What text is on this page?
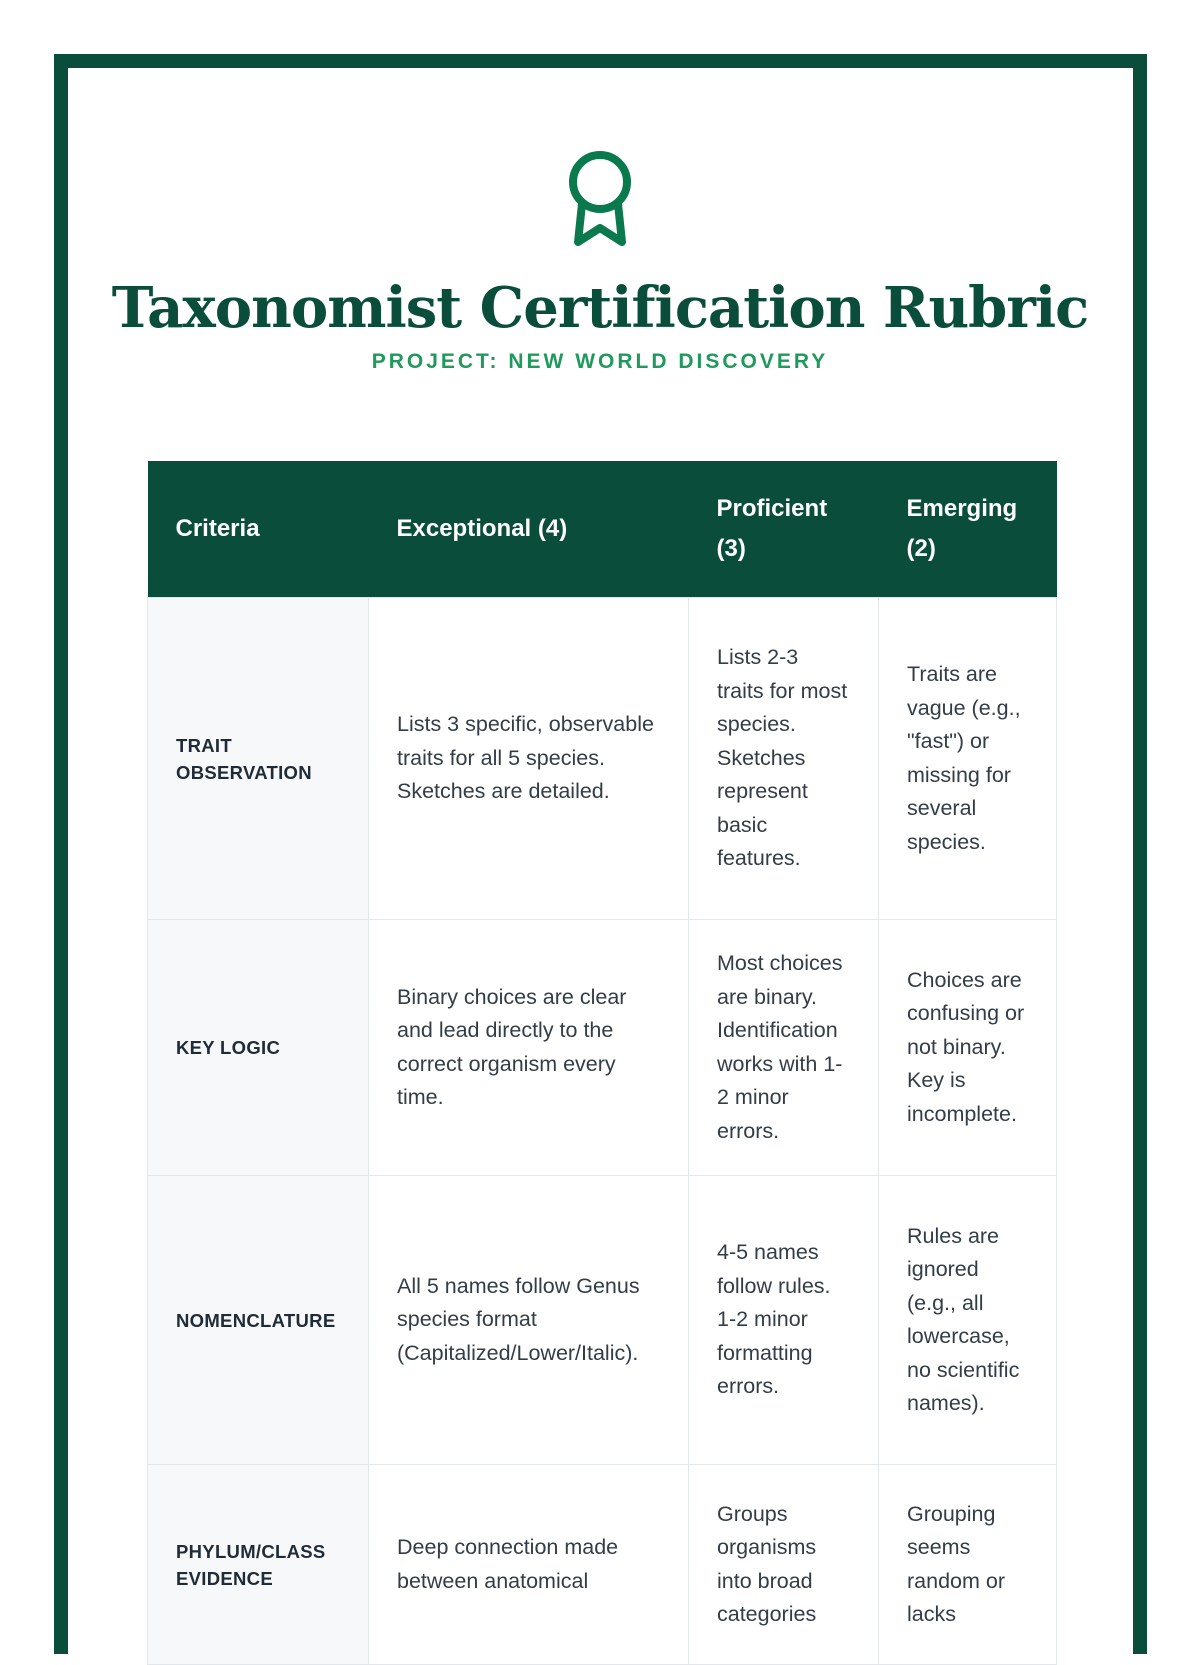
Taxonomist Certification Rubric

PROJECT: NEW WORLD DISCOVERY

Criteria	Exceptional (4)	Proficient (3)	Emerging (2)
TRAIT OBSERVATION	Lists 3 specific, observable traits for all 5 species. Sketches are detailed.	Lists 2-3 traits for most species. Sketches represent basic features.	Traits are vague (e.g., "fast") or missing for several species.
KEY LOGIC	Binary choices are clear and lead directly to the correct organism every time.	Most choices are binary. Identification works with 1-2 minor errors.	Choices are confusing or not binary. Key is incomplete.
NOMENCLATURE	All 5 names follow Genus species format (Capitalized/Lower/Italic).	4-5 names follow rules. 1-2 minor formatting errors.	Rules are ignored (e.g., all lowercase, no scientific names).
PHYLUM/CLASS EVIDENCE	Deep connection made between anatomical	Groups organisms into broad categories	Grouping seems random or lacks
